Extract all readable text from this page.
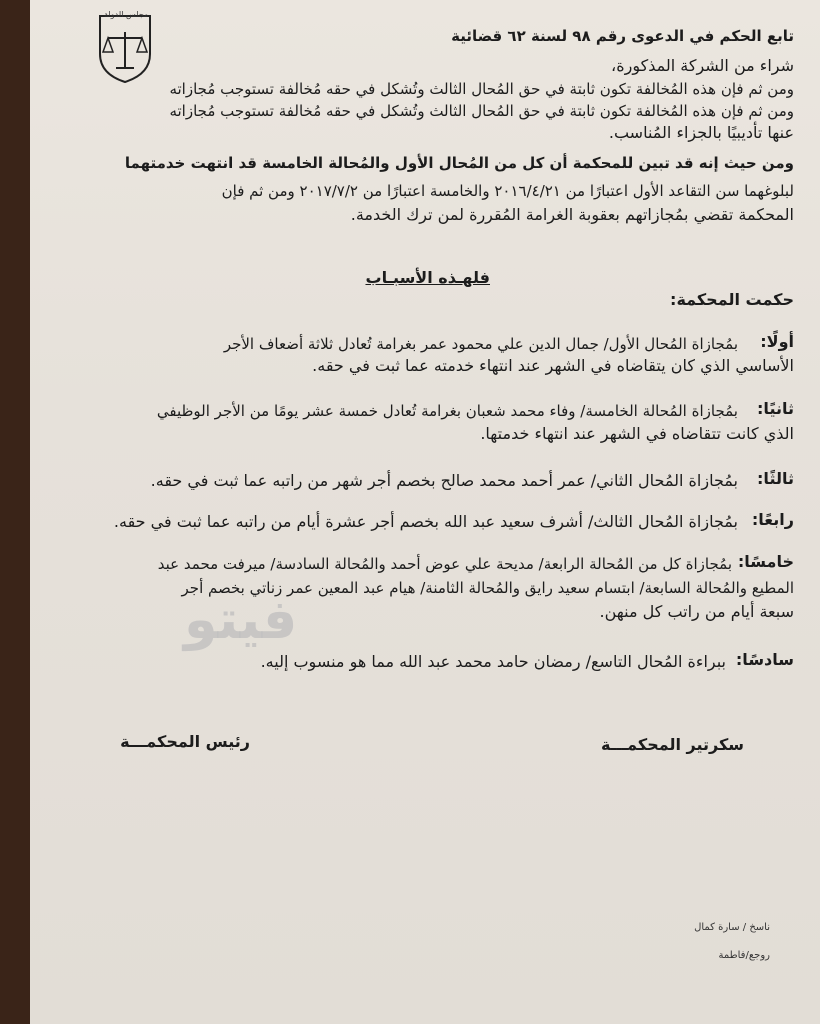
مجلس الدولة
تابع الحكم في الدعوى رقم ٩٨ لسنة ٦٢ قضائية
شراء من الشركة المذكورة،
ومن ثم فإن هذه المُخالفة تكون ثابتة في حق المُحال الثالث وتُشكل في حقه مُخالفة تستوجب مُجازاته
ومن ثم فإن هذه المُخالفة تكون ثابتة في حق المُحال الثالث وتُشكل في حقه مُخالفة تستوجب مُجازاته
عنها تأديبيًا بالجزاء المُناسب.
ومن حيث إنه قد تبين للمحكمة أن كل من المُحال الأول والمُحالة الخامسة قد انتهت خدمتهما
لبلوغهما سن التقاعد الأول اعتبارًا من ٢٠١٦/٤/٢١ والخامسة اعتبارًا من ٢٠١٧/٧/٢ ومن ثم فإن
المحكمة تقضي بمُجازاتهم بعقوبة الغرامة المُقررة لمن ترك الخدمة.
فلهـذه الأسبـاب
حكمت المحكمة:
أولًا:
بمُجازاة المُحال الأول/ جمال الدين علي محمود عمر بغرامة تُعادل ثلاثة أضعاف الأجر
الأساسي الذي كان يتقاضاه في الشهر عند انتهاء خدمته عما ثبت في حقه.
ثانيًا:
بمُجازاة المُحالة الخامسة/ وفاء محمد شعبان بغرامة تُعادل خمسة عشر يومًا من الأجر الوظيفي
الذي كانت تتقاضاه في الشهر عند انتهاء خدمتها.
ثالثًا:
بمُجازاة المُحال الثاني/ عمر أحمد محمد صالح بخصم أجر شهر من راتبه عما ثبت في حقه.
رابعًا:
بمُجازاة المُحال الثالث/ أشرف سعيد عبد الله بخصم أجر عشرة أيام من راتبه عما ثبت في حقه.
خامسًا:
بمُجازاة كل من المُحالة الرابعة/ مديحة علي عوض أحمد والمُحالة السادسة/ ميرفت محمد عبد
المطيع والمُحالة السابعة/ ابتسام سعيد رايق والمُحالة الثامنة/ هيام عبد المعين عمر زناتي بخصم أجر
سبعة أيام من راتب كل منهن.
سادسًا:
ببراءة المُحال التاسع/ رمضان حامد محمد عبد الله مما هو منسوب إليه.
سكرتير المحكمـــة
رئيس المحكمـــة
ناسخ / سارة كمال
روجع/فاطمة
فيتو
